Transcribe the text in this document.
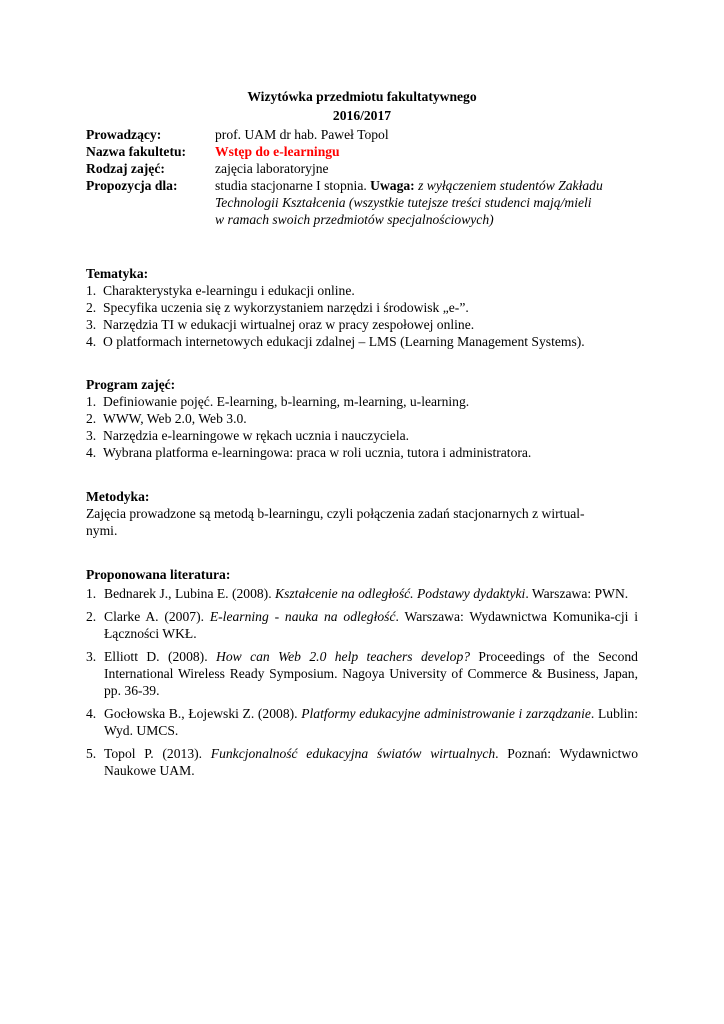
Wizytówka przedmiotu fakultatywnego
2016/2017
Prowadzący:	prof. UAM dr hab. Paweł Topol
Nazwa fakultetu:	Wstęp do e-learningu
Rodzaj zajęć:	zajęcia laboratoryjne
Propozycja dla:	studia stacjonarne I stopnia. Uwaga: z wyłączeniem studentów Zakładu
Technologii Kształcenia (wszystkie tutejsze treści studenci mają/mieli
w ramach swoich przedmiotów specjalnościowych)
Tematyka:
1. Charakterystyka e-learningu i edukacji online.
2. Specyfika uczenia się z wykorzystaniem narzędzi i środowisk „e-”.
3. Narzędzia TI w edukacji wirtualnej oraz w pracy zespołowej online.
4. O platformach internetowych edukacji zdalnej – LMS (Learning Management Systems).
Program zajęć:
1. Definiowanie pojęć. E-learning, b-learning, m-learning, u-learning.
2. WWW, Web 2.0, Web 3.0.
3. Narzędzia e-learningowe w rękach ucznia i nauczyciela.
4. Wybrana platforma e-learningowa: praca w roli ucznia, tutora i administratora.
Metodyka:

Zajęcia prowadzone są metodą b-learningu, czyli połączenia zadań stacjonarnych z wirtual-
nymi.

Proponowana literatura:
1. Bednarek J., Lubina E. (2008). Kształcenie na odległość. Podstawy dydaktyki. Warszawa: PWN.
2. Clarke A. (2007). E-learning - nauka na odległość. Warszawa: Wydawnictwa Komunika-cji i Łączności WKŁ.
3. Elliott D. (2008). How can Web 2.0 help teachers develop? Proceedings of the Second International Wireless Ready Symposium. Nagoya University of Commerce & Business, Japan, pp. 36-39.
4. Gocłowska B., Łojewski Z. (2008). Platformy edukacyjne administrowanie i zarządzanie. Lublin: Wyd. UMCS.
5. Topol P. (2013). Funkcjonalność edukacyjna światów wirtualnych. Poznań: Wydawnictwo Naukowe UAM.
